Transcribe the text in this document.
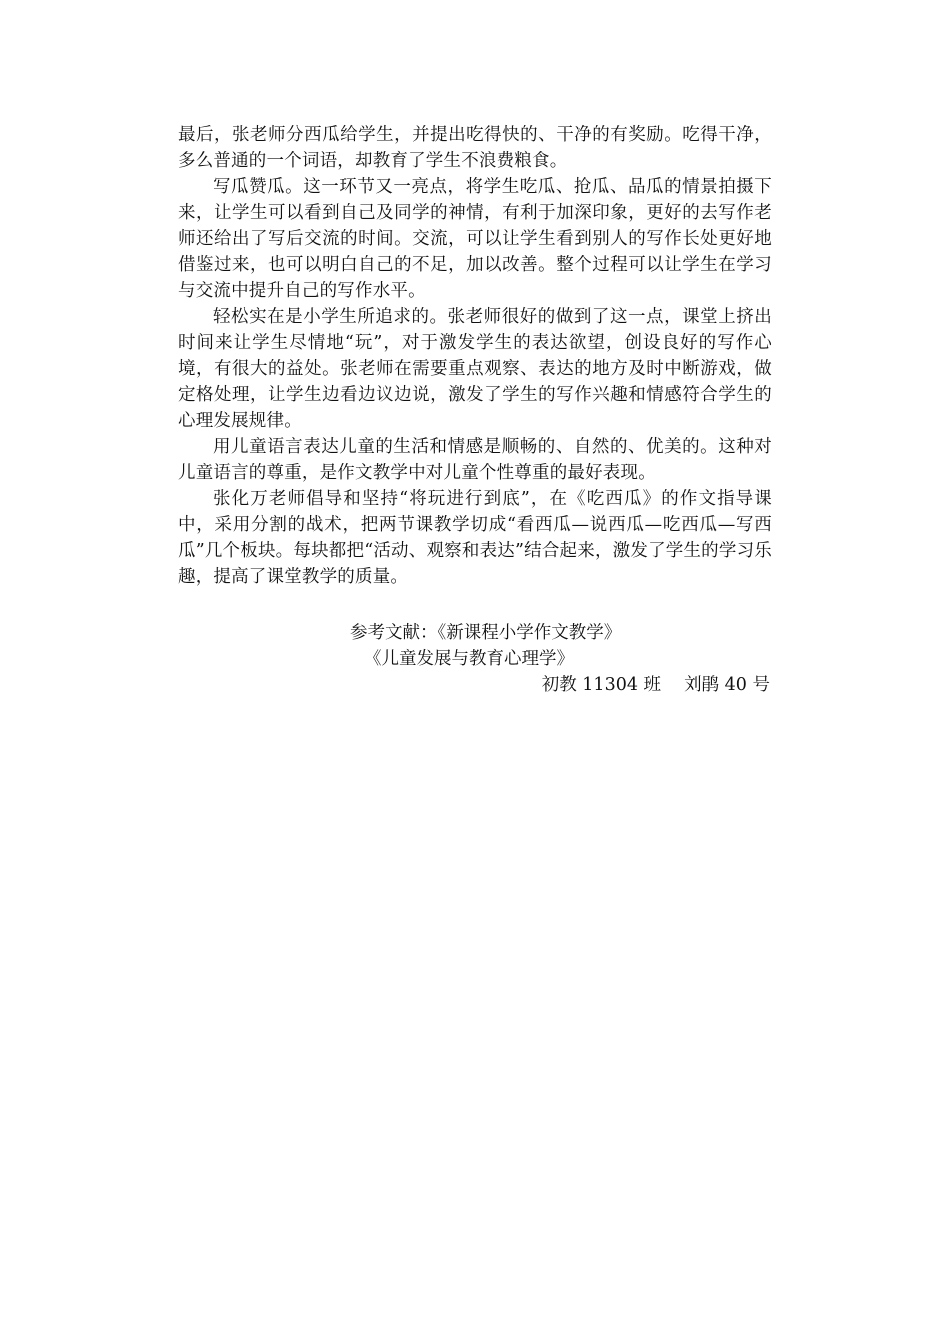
最后，张老师分西瓜给学生，并提出吃得快的、干净的有奖励。吃得干净，多么普通的一个词语，却教育了学生不浪费粮食。

写瓜赞瓜。这一环节又一亮点，将学生吃瓜、抢瓜、品瓜的情景拍摄下来，让学生可以看到自己及同学的神情，有利于加深印象，更好的去写作老师还给出了写后交流的时间。交流，可以让学生看到别人的写作长处更好地借鉴过来，也可以明白自己的不足，加以改善。整个过程可以让学生在学习与交流中提升自己的写作水平。

轻松实在是小学生所追求的。张老师很好的做到了这一点，课堂上挤出时间来让学生尽情地“玩”，对于激发学生的表达欲望，创设良好的写作心境，有很大的益处。张老师在需要重点观察、表达的地方及时中断游戏，做定格处理，让学生边看边议边说，激发了学生的写作兴趣和情感符合学生的心理发展规律。

用儿童语言表达儿童的生活和情感是顺畅的、自然的、优美的。这种对儿童语言的尊重，是作文教学中对儿童个性尊重的最好表现。

张化万老师倡导和坚持“将玩进行到底”，在《吃西瓜》的作文指导课中，采用分割的战术，把两节课教学切成“看西瓜—说西瓜—吃西瓜—写西瓜”几个板块。每块都把“活动、观察和表达”结合起来，激发了学生的学习乐趣，提高了课堂教学的质量。

参考文献：《新课程小学作文教学》
《儿童发展与教育心理学》
初教 11304 班　 刘鹃 40 号
